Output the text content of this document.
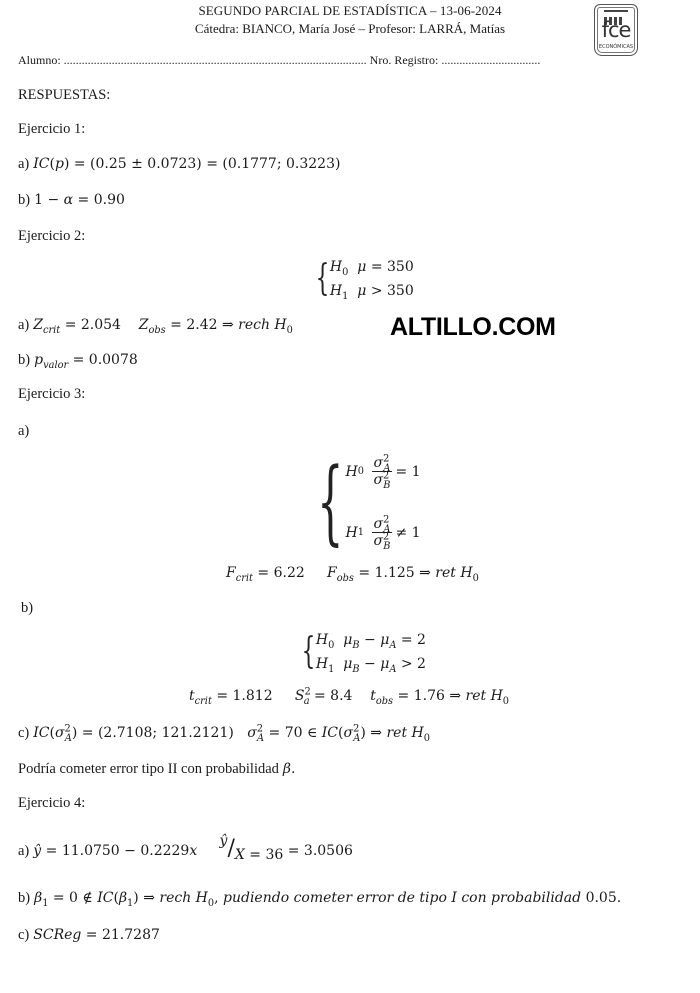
SEGUNDO PARCIAL DE ESTADÍSTICA – 13-06-2024
Cátedra: BIANCO, María José – Profesor: LARRÁ, Matías	fce
ECONÓMICAS
Alumno: ..................................................................................................... Nro. Registro: .................................
ALTILLO.COM
RESPUESTAS:
Ejercicio 1:
a) IC(p) = (0.25 ± 0.0723) = (0.1777; 0.3223)
b) 1 − α = 0.90
Ejercicio 2:
{ $H_0$ μ = 350
$H_1$ μ > 350
a) $Z_{crit} = 2.054$    $Z_{obs} = 2.42$ ⇒ rech $H_0$
b) $p_{valor} = 0.0078$
Ejercicio 3:
a)
{ H 0
$\frac{\sigma^2_A}{\sigma^2_B} = 1$
H 1
$\frac{\sigma^2_A}{\sigma^2_B} \ne 1$
$F_{crit} = 6.22$     $F_{obs} = 1.125$ ⇒ ret $H_0$
b)
{ $H_0$ $\mu_B - \mu_A = 2$
$H_1$ $\mu_B - \mu_A > 2$
$t_{crit} = 1.812$     $S^2_a = 8.4$    $t_{obs} = 1.76$ ⇒ ret $H_0$
c) $IC(\sigma^2_A) = (2.7108$; 121.2121)   $\sigma^2_A = 70$ ∈ $IC(\sigma^2_A)$ ⇒ ret $H_0$
Podría cometer error tipo II con probabilidad β.
Ejercicio 4:
a) ŷ = 11.0750 − 0.2229x     ŷ/X = 36 = 3.0506
b) $\beta_1 = 0$ ∉ $IC(\beta_1)$ ⇒ rech $H_0$, pudiendo cometer error de tipo I con probabilidad 0.05.
c) SCReg = 21.7287
